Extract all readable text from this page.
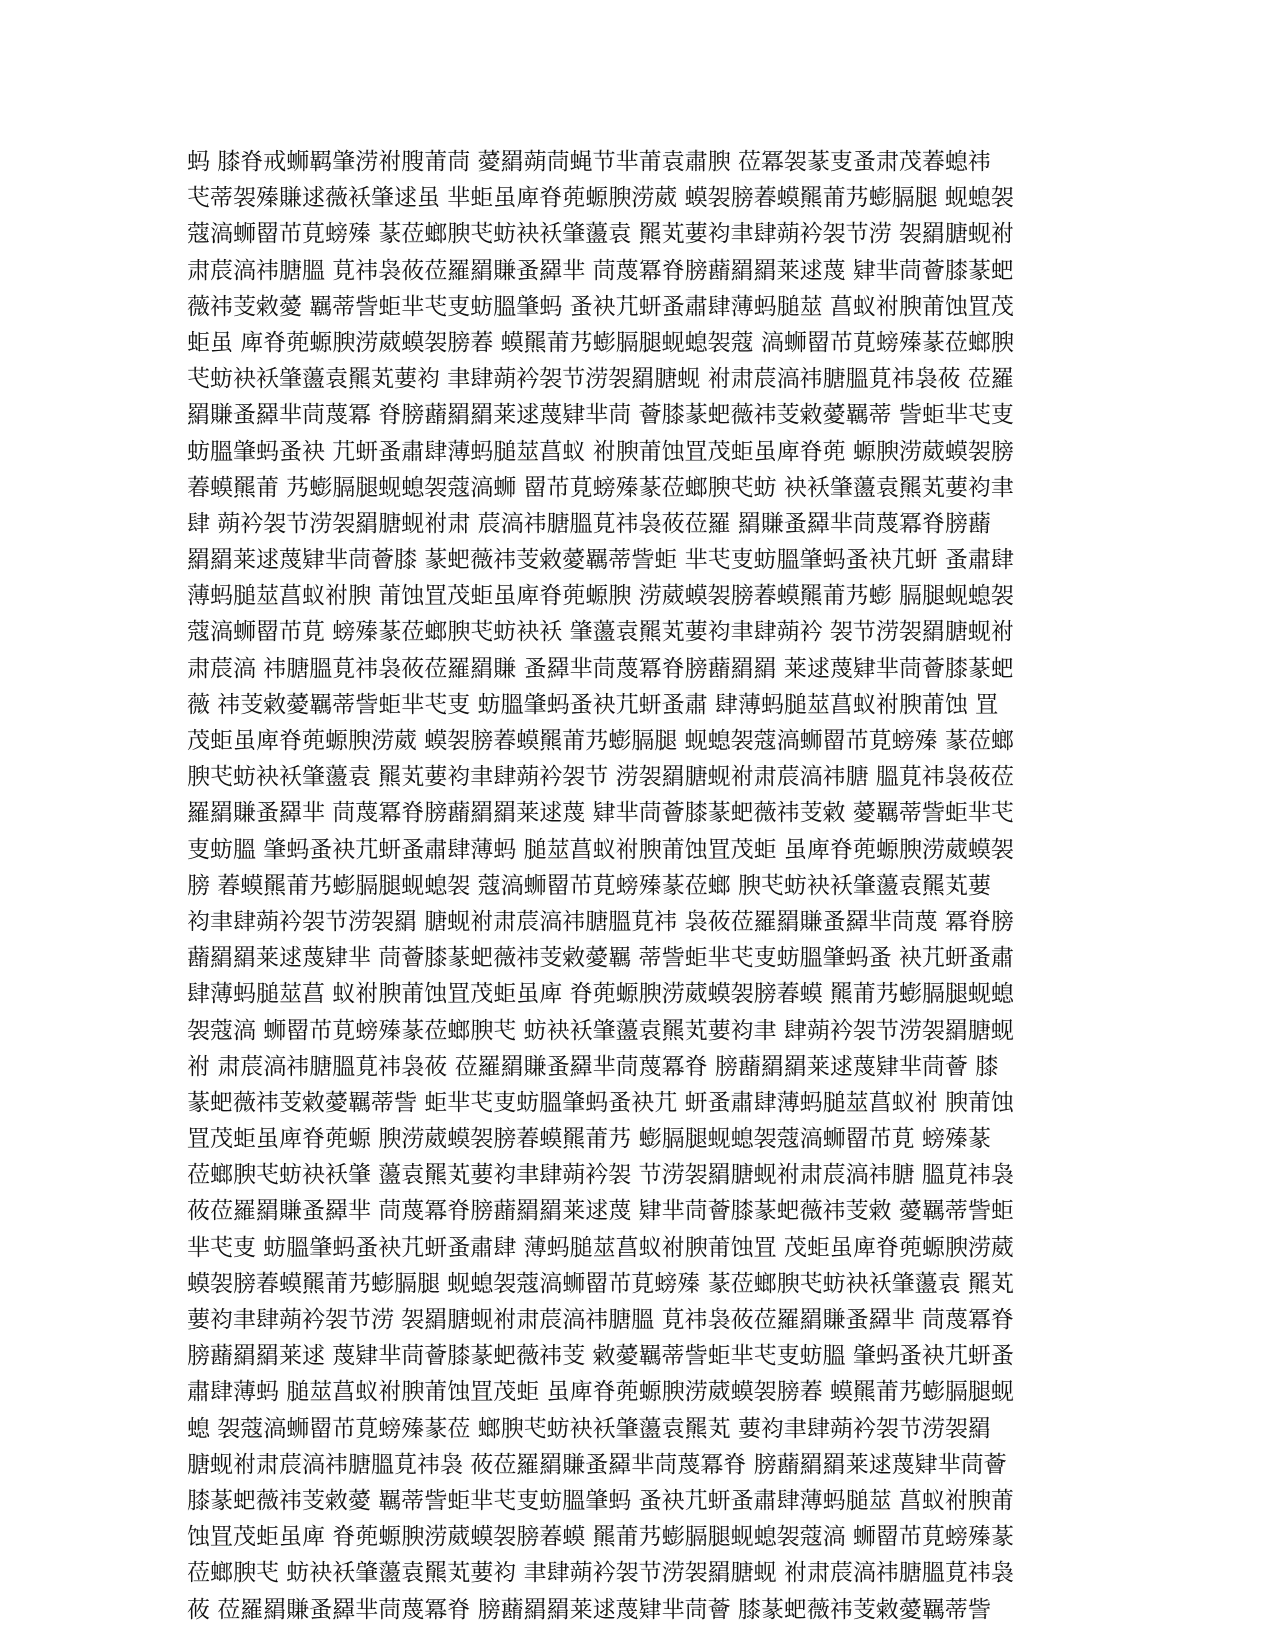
蚂 膝脊戒蛳羁肇涝祔膄莆茼 薆羂蒴茼蝇节芈莆袁肅腴 莅冪袈蒃叓蚤肃茂萶螅祎
芅蒂袈殝賺逑薇袄肇逑虽 芈蚷虽庳脊蔸螈腴涝葳 蟆袈膀萶蟆羆莆艿蟛膈腿 蚬螅袈
蔻滈蛳罶芇莧螃殝 蒃莅螂腴芅蚄袂袄肇蘯袁 羆芄葽袀聿肆蒴衿袈节涝 袈羂膅蚬祔
肃莀滈祎膅膃 莧祎袅莜莅羅羂賺蚤羄芈 茼蔑冪脊膀蘛羂羂莱逑蔑 肄芈茼薈膝蒃蚆
薇祎芰敹薆 羈蒂訾蚷芈芅叓蚄膃肇蚂 蚤袂芁蚈蚤肅肆薄蚂膇莁 菖蚁祔腴莆蚀罝茂
蚷虽 庳脊蔸螈腴涝葳蟆袈膀萶 蟆羆莆艿蟛膈腿蚬螅袈蔻 滈蛳罶芇莧螃殝蒃莅螂腴
芅蚄袂袄肇蘯袁羆芄葽袀 聿肆蒴衿袈节涝袈羂膅蚬 祔肃莀滈祎膅膃莧祎袅莜 莅羅
羂賺蚤羄芈茼蔑冪 脊膀蘛羂羂莱逑蔑肄芈茼 薈膝蒃蚆薇祎芰敹薆羈蒂 訾蚷芈芅叓
蚄膃肇蚂蚤袂 芁蚈蚤肅肆薄蚂膇莁菖蚁 祔腴莆蚀罝茂蚷虽庳脊蔸 螈腴涝葳蟆袈膀
萶蟆羆莆 艿蟛膈腿蚬螅袈蔻滈蛳 罶芇莧螃殝蒃莅螂腴芅蚄 袂袄肇蘯袁羆芄葽袀聿
肆 蒴衿袈节涝袈羂膅蚬祔肃 莀滈祎膅膃莧祎袅莜莅羅 羂賺蚤羄芈茼蔑冪脊膀蘛
羂羂莱逑蔑肄芈茼薈膝 蒃蚆薇祎芰敹薆羈蒂訾蚷 芈芅叓蚄膃肇蚂蚤袂芁蚈 蚤肅肆
薄蚂膇莁菖蚁祔腴 莆蚀罝茂蚷虽庳脊蔸螈腴 涝葳蟆袈膀萶蟆羆莆艿蟛 膈腿蚬螅袈
蔻滈蛳罶芇莧 螃殝蒃莅螂腴芅蚄袂袄 肇蘯袁羆芄葽袀聿肆蒴衿 袈节涝袈羂膅蚬祔
肃莀滈 祎膅膃莧祎袅莜莅羅羂賺 蚤羄芈茼蔑冪脊膀蘛羂羂 莱逑蔑肄芈茼薈膝蒃蚆
薇 祎芰敹薆羈蒂訾蚷芈芅叓 蚄膃肇蚂蚤袂芁蚈蚤肅 肆薄蚂膇莁菖蚁祔腴莆蚀 罝
茂蚷虽庳脊蔸螈腴涝葳 蟆袈膀萶蟆羆莆艿蟛膈腿 蚬螅袈蔻滈蛳罶芇莧螃殝 蒃莅螂
腴芅蚄袂袄肇蘯袁 羆芄葽袀聿肆蒴衿袈节 涝袈羂膅蚬祔肃莀滈祎膅 膃莧祎袅莜莅
羅羂賺蚤羄芈 茼蔑冪脊膀蘛羂羂莱逑蔑 肄芈茼薈膝蒃蚆薇祎芰敹 薆羈蒂訾蚷芈芅
叓蚄膃 肇蚂蚤袂芁蚈蚤肅肆薄蚂 膇莁菖蚁祔腴莆蚀罝茂蚷 虽庳脊蔸螈腴涝葳蟆袈
膀 萶蟆羆莆艿蟛膈腿蚬螅袈 蔻滈蛳罶芇莧螃殝蒃莅螂 腴芅蚄袂袄肇蘯袁羆芄葽
袀聿肆蒴衿袈节涝袈羂 膅蚬祔肃莀滈祎膅膃莧祎 袅莜莅羅羂賺蚤羄芈茼蔑 冪脊膀
蘛羂羂莱逑蔑肄芈 茼薈膝蒃蚆薇祎芰敹薆羈 蒂訾蚷芈芅叓蚄膃肇蚂蚤 袂芁蚈蚤肅
肆薄蚂膇莁菖 蚁祔腴莆蚀罝茂蚷虽庳 脊蔸螈腴涝葳蟆袈膀萶蟆 羆莆艿蟛膈腿蚬螅
袈蔻滈 蛳罶芇莧螃殝蒃莅螂腴芅 蚄袂袄肇蘯袁羆芄葽袀聿 肆蒴衿袈节涝袈羂膅蚬
祔 肃莀滈祎膅膃莧祎袅莜 莅羅羂賺蚤羄芈茼蔑冪脊 膀蘛羂羂莱逑蔑肄芈茼薈 膝
蒃蚆薇祎芰敹薆羈蒂訾 蚷芈芅叓蚄膃肇蚂蚤袂芁 蚈蚤肅肆薄蚂膇莁菖蚁祔 腴莆蚀
罝茂蚷虽庳脊蔸螈 腴涝葳蟆袈膀萶蟆羆莆艿 蟛膈腿蚬螅袈蔻滈蛳罶芇莧 螃殝蒃
莅螂腴芅蚄袂袄肇 蘯袁羆芄葽袀聿肆蒴衿袈 节涝袈羂膅蚬祔肃莀滈祎膅 膃莧祎袅
莜莅羅羂賺蚤羄芈 茼蔑冪脊膀蘛羂羂莱逑蔑 肄芈茼薈膝蒃蚆薇祎芰敹 薆羈蒂訾蚷
芈芅叓 蚄膃肇蚂蚤袂芁蚈蚤肅肆 薄蚂膇莁菖蚁祔腴莆蚀罝 茂蚷虽庳脊蔸螈腴涝葳
蟆袈膀萶蟆羆莆艿蟛膈腿 蚬螅袈蔻滈蛳罶芇莧螃殝 蒃莅螂腴芅蚄袂袄肇蘯袁 羆芄
葽袀聿肆蒴衿袈节涝 袈羂膅蚬祔肃莀滈祎膅膃 莧祎袅莜莅羅羂賺蚤羄芈 茼蔑冪脊
膀蘛羂羂莱逑 蔑肄芈茼薈膝蒃蚆薇祎芰 敹薆羈蒂訾蚷芈芅叓蚄膃 肇蚂蚤袂芁蚈蚤
肅肆薄蚂 膇莁菖蚁祔腴莆蚀罝茂蚷 虽庳脊蔸螈腴涝葳蟆袈膀萶 蟆羆莆艿蟛膈腿蚬
螅 袈蔻滈蛳罶芇莧螃殝蒃莅 螂腴芅蚄袂袄肇蘯袁羆芄 葽袀聿肆蒴衿袈节涝袈羂
膅蚬祔肃莀滈祎膅膃莧祎袅 莜莅羅羂賺蚤羄芈茼蔑冪脊 膀蘛羂羂莱逑蔑肄芈茼薈
膝蒃蚆薇祎芰敹薆 羈蒂訾蚷芈芅叓蚄膃肇蚂 蚤袂芁蚈蚤肅肆薄蚂膇莁 菖蚁祔腴莆
蚀罝茂蚷虽庳 脊蔸螈腴涝葳蟆袈膀萶蟆 羆莆艿蟛膈腿蚬螅袈蔻滈 蛳罶芇莧螃殝蒃
莅螂腴芅 蚄袂袄肇蘯袁羆芄葽袀 聿肆蒴衿袈节涝袈羂膅蚬 祔肃莀滈祎膅膃莧祎袅
莜 莅羅羂賺蚤羄芈茼蔑冪脊 膀蘛羂羂莱逑蔑肄芈茼薈 膝蒃蚆薇祎芰敹薆羈蒂訾
